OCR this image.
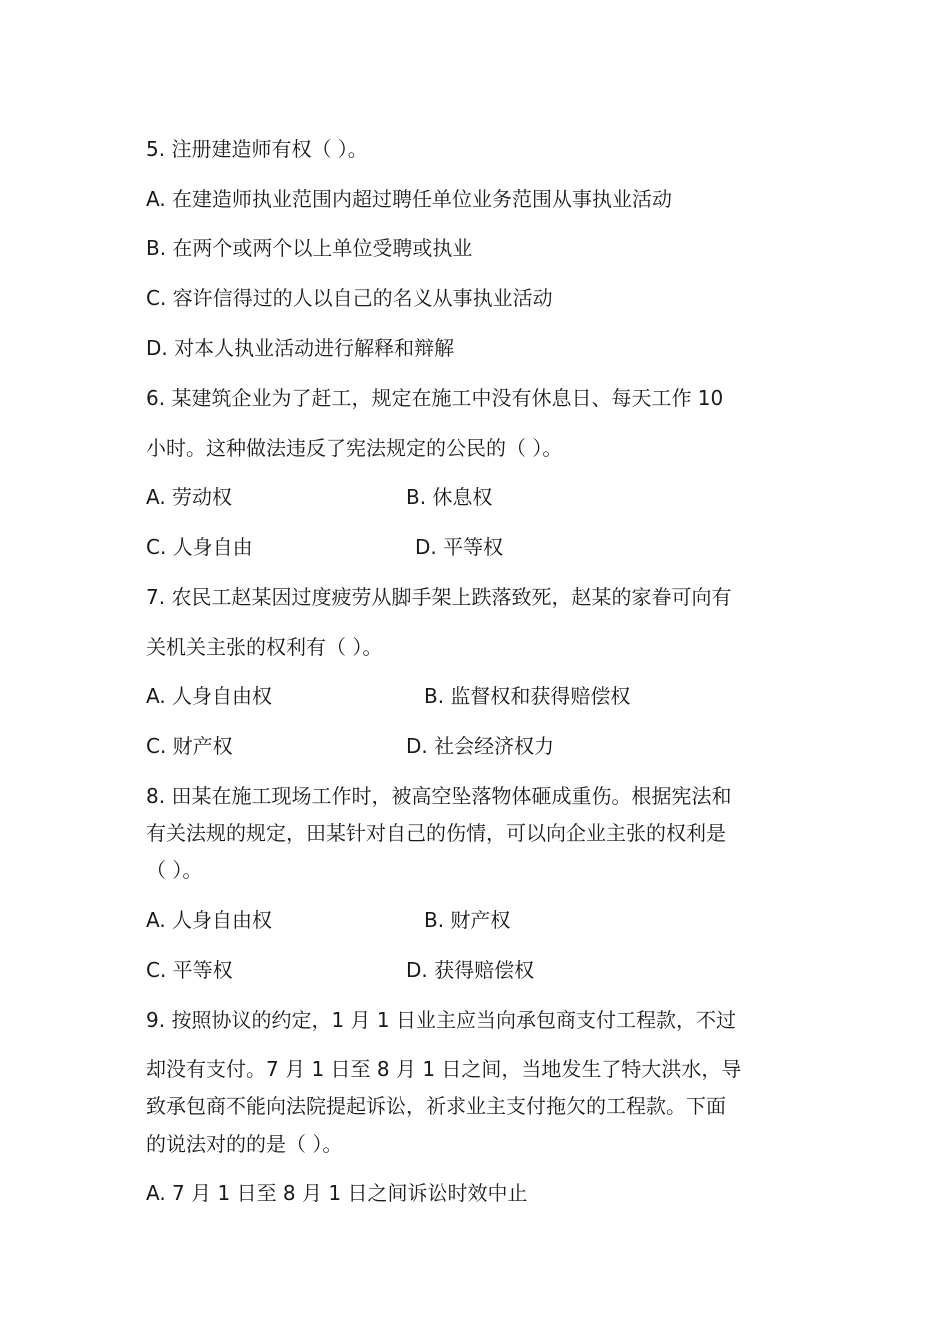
5. 注册建造师有权（ ）。
A. 在建造师执业范围内超过聘任单位业务范围从事执业活动
B. 在两个或两个以上单位受聘或执业
C. 容许信得过的人以自己的名义从事执业活动
D. 对本人执业活动进行解释和辩解
6. 某建筑企业为了赶工，规定在施工中没有休息日、每天工作 10
小时。这种做法违反了宪法规定的公民的（ ）。
A. 劳动权	B. 休息权
C. 人身自由	D. 平等权
7. 农民工赵某因过度疲劳从脚手架上跌落致死，赵某的家眷可向有
关机关主张的权利有（ ）。
A. 人身自由权	B. 监督权和获得赔偿权
C. 财产权	D. 社会经济权力
8. 田某在施工现场工作时，被高空坠落物体砸成重伤。根据宪法和
有关法规的规定，田某针对自己的伤情，可以向企业主张的权利是
（ ）。
A. 人身自由权	B. 财产权
C. 平等权	D. 获得赔偿权
9. 按照协议的约定，1 月 1 日业主应当向承包商支付工程款，不过
却没有支付。7 月 1 日至 8 月 1 日之间，当地发生了特大洪水，导
致承包商不能向法院提起诉讼，祈求业主支付拖欠的工程款。下面
的说法对的的是（ ）。
A. 7 月 1 日至 8 月 1 日之间诉讼时效中止
